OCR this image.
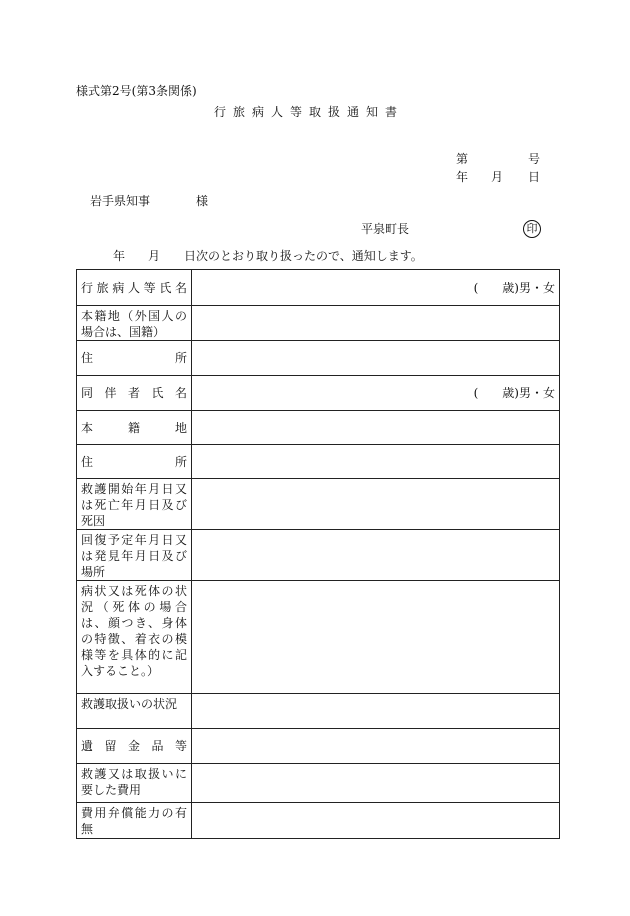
様式第2号(第3条関係)
行旅病人等取扱通知書
第	号
年 月 日
岩手県知事	様
平泉町長	印
年 月 日次のとおり取り扱ったので、通知します。
行旅病人等氏名	(　　歳)男・女

本籍地（外国人の場合は、国籍）	
住所	
同伴者氏名	(　　歳)男・女

本籍地	
住所	
救護開始年月日又は死亡年月日及び死因	
回復予定年月日又は発見年月日及び場所	
病状又は死体の状況（死体の場合は、顔つき、身体の特徴、着衣の模様等を具体的に記入すること。）	
救護取扱いの状況	
遺留金品等	
救護又は取扱いに要した費用	
費用弁償能力の有無	
